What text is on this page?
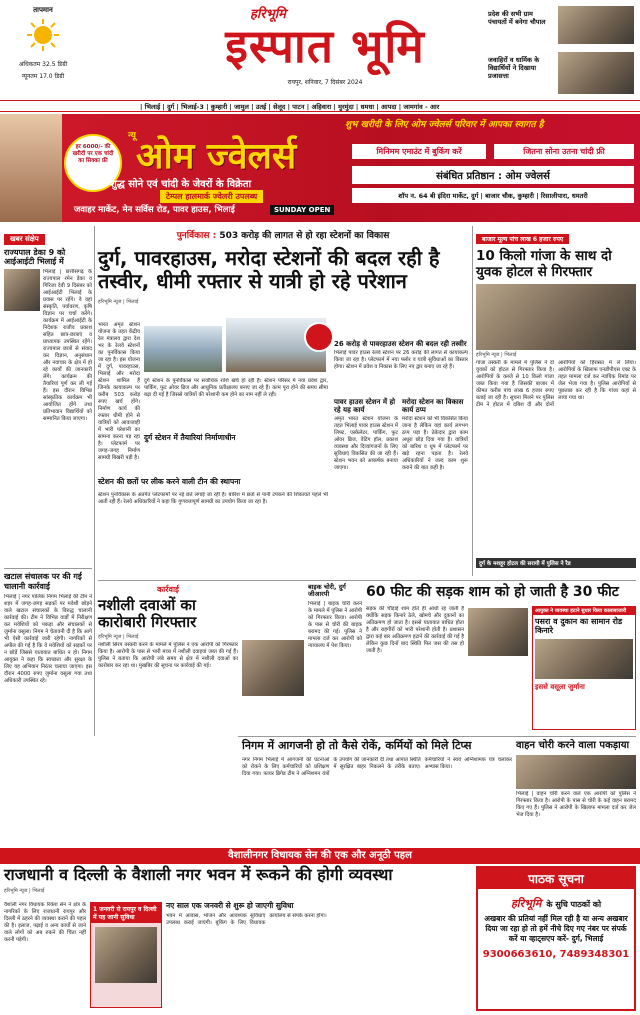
तापमान
अधिकतम 32.5 डिग्री
न्यूनतम 17.0 डिग्री
हरिभूमि
इस्पात भूमि
रायपुर, शनिवार, 7 दिसंबर 2024
प्रदेश की सभी ग्राम पंचायतों में बनेगा चौपाल
जवाहिरों व धार्मिक के विद्यार्थियों ने दिखाया प्रजासत्ता
| भिलाई | दुर्ग | भिलाई-3 | कुम्हारी | जामुल | उतई | सेलूद | पाटन | अहिवारा | मुरमुंदा | धमधा | आपदा | जामगांव - आर
शुभ खरीदी के लिए ओम ज्वेलर्स परिवार में आपका स्वागत है
हर 6000/- की खरीदी पर एक चांदी का सिक्का फ्री
न्यू ओम ज्वेलर्स
शुद्ध सोने एवं चांदी के जेवरों के विक्रेता
टेम्पल हालमार्क ज्वेलरी उपलब्ध
जवाहर मार्केट, मेन सर्विस रोड, पावर हाउस, भिलाई	SUNDAY OPEN
मिनिमम एमाउंट में बुकिंग करें	जितना सोना उतना चांदी फ्री
संबंधित प्रतिष्ठान : ओम ज्वेलर्स
शॉप न. 64 बी इंदिरा मार्केट, दुर्ग | बाजार चौक, कुम्हारी | रिसालीपारा, धमतरी
खबर संक्षेप
राज्यपाल डेका 9 को आईआईटी भिलाई में
भिलाई | छत्तीसगढ़ के राज्यपाल रमेन डेका व गिरिजा देवी 9 दिसंबर को आईआईटी भिलाई के प्रवास पर रहेंगे। वे वहां संस्कृति, पर्यावरण, कृषि विज्ञान पर चर्चा करेंगे। कार्यक्रम में आईआईटी के निदेशक राजीव प्रकाश सहित छात्र-छात्राएं व प्राध्यापक उपस्थित रहेंगे। राज्यपाल छात्रों से संवाद कर विज्ञान, अनुसंधान और नवाचार के क्षेत्र में हो रहे कार्यों की जानकारी लेंगे। कार्यक्रम की तैयारियां पूर्ण कर ली गई हैं। इस दौरान विभिन्न सांस्कृतिक कार्यक्रम भी आयोजित होंगे तथा प्रतिभावान विद्यार्थियों को सम्मानित किया जाएगा।
खटाल संचालक पर की गई चालानी कार्रवाई
भिलाई | नगर पालिक निगम भिलाई की टीम ने शहर में जगह-जगह सड़कों पर मवेशी छोड़ने वाले खटाल संचालकों के विरुद्ध चालानी कार्रवाई की। टीम ने विभिन्न वार्डों में निरीक्षण कर मवेशियों को पकड़ा और संचालकों से जुर्माना वसूला। निगम ने चेतावनी दी है कि आगे भी ऐसी कार्रवाई जारी रहेगी। नागरिकों से अपील की गई है कि वे मवेशियों को सड़कों पर न छोड़ें जिससे यातायात बाधित न हो। निगम आयुक्त ने कहा कि स्वच्छता और सुरक्षा के लिए यह अभियान निरंतर चलाया जाएगा। इस दौरान 4000 रुपए जुर्माना वसूला गया तथा अधिकारी उपस्थित रहे।
पुनर्विकास : 503 करोड़ की लागत से हो रहा स्टेशनों का विकास
दुर्ग, पावरहाउस, मरोदा स्टेशनों की बदल रही है तस्वीर, धीमी रफ्तार से यात्री हो रहे परेशान
हरिभूमि न्यूज | भिलाई
भारत अमृत स्टेशन योजना के तहत केंद्रीय रेल मंत्रालय द्वारा देश भर के रेलवे स्टेशनों का पुनर्विकास किया जा रहा है। इस योजना में दुर्ग, पावरहाउस, भिलाई और मरोदा स्टेशन शामिल हैं जिनके कायाकल्प पर करीब 503 करोड़ रुपए खर्च होंगे। निर्माण कार्य की रफ्तार धीमी होने से यात्रियों को आवाजाही में भारी परेशानी का सामना करना पड़ रहा है। प्लेटफार्म पर जगह-जगह निर्माण सामग्री बिखरी पड़ी है।
दुर्ग स्टेशन के पुनर्विकास पर सर्वाधिक राशि खर्च हो रही है। स्टेशन परिसर में नया प्रवेश द्वार, पार्किंग, फुट ओवर ब्रिज और आधुनिक प्रतीक्षालय बनाए जा रहे हैं। काम पूरा होने की समय सीमा बढ़ा दी गई है जिससे यात्रियों की परेशानी कम होने का नाम नहीं ले रही।
दुर्ग स्टेशन में तैयारियां निर्माणाधीन
स्टेशन की छतों पर लीक करने वाली टीन की स्थापना
स्टेशन पुनर्विकास के अंतर्गत प्लेटफार्मों पर नई छतें लगाई जा रही हैं। बारिश में छतों से पानी टपकने की शिकायतें पहले भी आती रही हैं। रेलवे अधिकारियों ने कहा कि गुणवत्तापूर्ण सामग्री का उपयोग किया जा रहा है।
26 करोड़ से पावरहाउस स्टेशन की बदल रही तस्वीर
भिलाई पावर हाउस रेलवे स्टेशन पर 26 करोड़ की लागत से कायाकल्प किया जा रहा है। प्लेटफार्म में नया फ्लोर व यात्री सुविधाओं का विस्तार होगा। स्टेशन में प्रवेश व निकास के लिए नए द्वार बनाए जा रहे हैं।
पावर हाउस स्टेशन में हो रहे यह कार्य
अमृत भारत स्टेशन योजना के तहत भिलाई पावर हाउस स्टेशन में लिफ्ट, एस्केलेटर, पार्किंग, फुट ओवर ब्रिज, वेटिंग हॉल, प्रकाश व्यवस्था और दिव्यांगजनों के लिए सुविधाएं विकसित की जा रही हैं। स्टेशन भवन को आकर्षक बनाया जाएगा।
मरोदा स्टेशन का विकास कार्य ठप्प
मरोदा स्टेशन को भी विकसित किया जाना है लेकिन यहां कार्य लगभग ठप्प पड़ा है। ठेकेदार द्वारा काम अधूरा छोड़ दिया गया है। यात्रियों को बारिश व धूप में प्लेटफार्म पर खड़े रहना पड़ता है। रेलवे अधिकारियों ने जल्द काम शुरू कराने की बात कही है।
बाजार मूल्य पांच लाख 6 हजार रुपए
10 किलो गांजा के साथ दो युवक होटल से गिरफ्तार
हरिभूमि न्यूज | भिलाई
गांजा तस्करी के मामले में पुलिस ने दो युवकों को होटल से गिरफ्तार किया है। आरोपियों के कब्जे से 10 किलो गांजा जब्त किया गया है जिसकी बाजार में कीमत करीब पांच लाख 6 हजार रुपए बताई जा रही है। सूचना मिलने पर पुलिस टीम ने होटल में दबिश दी और दोनों आरोपियों को हिरासत में ले लिया। आरोपियों के खिलाफ एनडीपीएस एक्ट के तहत मामला दर्ज कर न्यायिक रिमांड पर जेल भेजा गया है। पुलिस आरोपियों से पूछताछ कर रही है कि गांजा कहां से लाया गया था।
दुर्ग के मशहूर होटल की सरायी में पुलिस ने रैड
कार्रवाई
नशीली दवाओं का कारोबारी गिरफ्तार
हरिभूमि न्यूज | भिलाई
नशीली सिरप तस्करी करने के मामले में पुलिस ने एक आरोपी को गिरफ्तार किया है। आरोपी के पास से भारी मात्रा में नशीली दवाइयां जब्त की गई हैं। पुलिस ने बताया कि आरोपी लंबे समय से क्षेत्र में नशीली दवाओं का कारोबार कर रहा था। मुखबिर की सूचना पर कार्रवाई की गई।
बाइक चोरी, दुर्ग जीआरपी
भिलाई | बाइक चोरी करने के मामले में पुलिस ने आरोपी को गिरफ्तार किया। आरोपी के पास से चोरी की बाइक बरामद की गई। पुलिस ने मामला दर्ज कर आरोपी को न्यायालय में पेश किया।
60 फीट की सड़क शाम को हो जाती है 30 फीट
सड़क की चौड़ाई शाम होते ही आधी रह जाती है क्योंकि सड़क किनारे ठेले, खोमचे और दुकानों का अतिक्रमण हो जाता है। इससे यातायात बाधित होता है और राहगीरों को भारी परेशानी होती है। प्रशासन द्वारा कई बार अतिक्रमण हटाने की कार्रवाई की गई है लेकिन कुछ दिनों बाद स्थिति फिर जस की तस हो जाती है।
आयुक्त ने व्यवस्था हटाने सुधार किया कालाबाजारी
पसरा व दुकान का सामान रोड किनारे
इससे वसूला जुर्माना
निगम में आगजनी हो तो कैसे रोकें, कर्मियों को मिले टिप्स
नगर निगम भिलाई में आगजनी की घटनाओं को रोकने के लिए कर्मचारियों को प्रशिक्षण दिया गया। फायर ब्रिगेड टीम ने अग्निशमन यंत्रों के उपयोग की जानकारी दी तथा आपात स्थिति में सुरक्षित बाहर निकलने के तरीके बताए। कर्मचारियों ने स्वयं अग्निशामक यंत्र चलाकर अभ्यास किया।
वाहन चोरी करने वाला पकड़ाया
भिलाई | वाहन चोरी करने वाले एक आरोपी को पुलिस ने गिरफ्तार किया है। आरोपी के पास से चोरी के कई वाहन बरामद किए गए हैं। पुलिस ने आरोपी के खिलाफ मामला दर्ज कर जेल भेज दिया है।
वैशालीनगर विधायक सेन की एक और अनूठी पहल
राजधानी व दिल्ली के वैशाली नगर भवन में रूकने की होगी व्यवस्था
हरिभूमि न्यूज | भिलाई
वैशाली नगर विधायक रिकेश सेन ने क्षेत्र के नागरिकों के लिए राजधानी रायपुर और दिल्ली में ठहरने की व्यवस्था कराने की पहल की है। इलाज, पढ़ाई व अन्य कार्यों से जाने वाले लोगों को अब रुकने की चिंता नहीं करनी पड़ेगी।
1 जनवरी से रायपुर व दिल्ली में यह जानी सुविधा
नए साल एक जनवरी से शुरू हो जाएगी सुविधा
भवन में आवास, भोजन और आवश्यक सुविधाएं उपलब्ध कराई जाएंगी। बुकिंग के लिए विधायक कार्यालय से संपर्क करना होगा।
पाठक सूचना
हरिभूमि के सुधि पाठकों को
अखबार की प्रतियां नहीं मिल रही है या अन्य अखबार दिया जा रहा हो तो हमें नीचे दिए गए नंबर पर संपर्क करें या व्हाट्सएप करें- दुर्ग, भिलाई
9300663610, 7489348301
